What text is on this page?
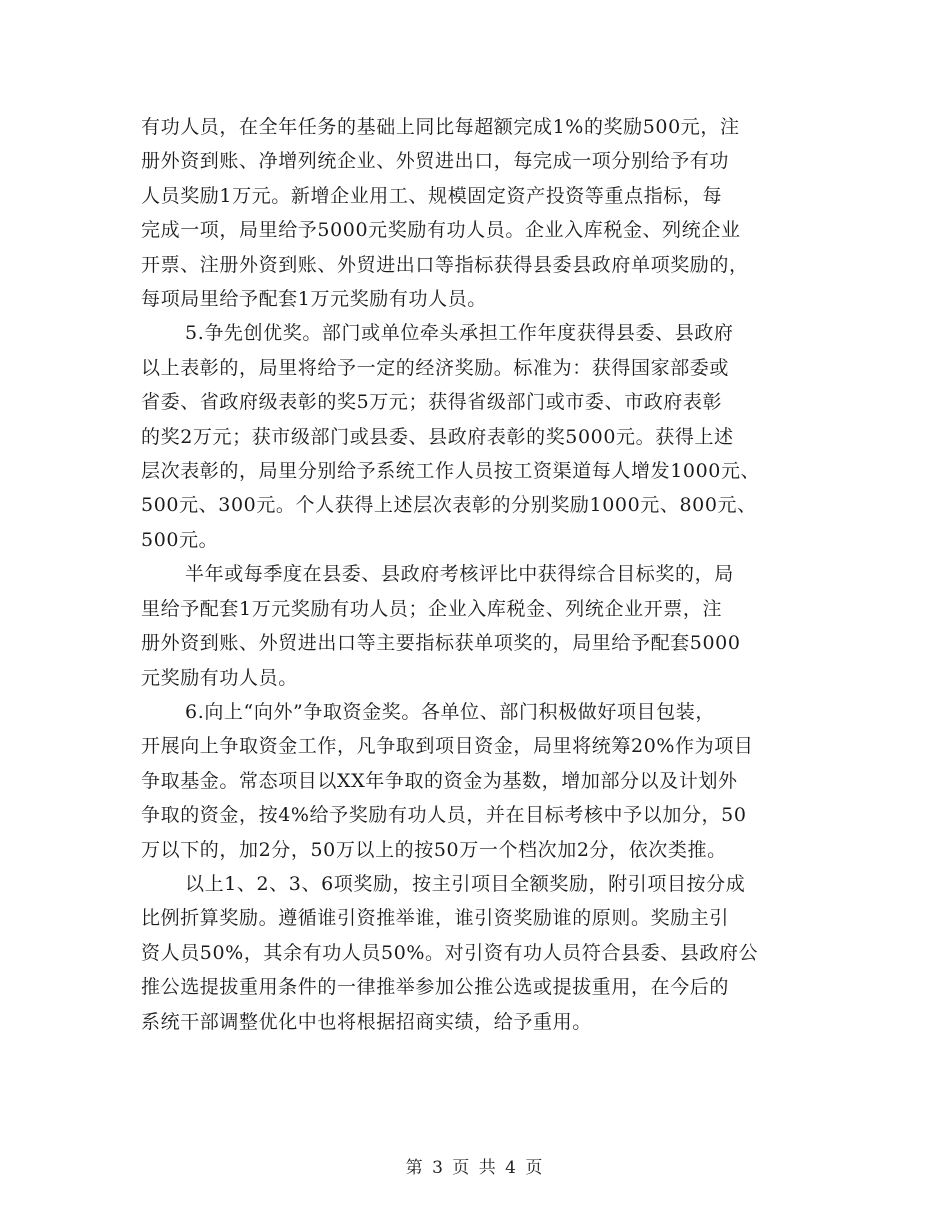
有功人员，在全年任务的基础上同比每超额完成1%的奖励500元，注
册外资到账、净增列统企业、外贸进出口，每完成一项分别给予有功
人员奖励1万元。新增企业用工、规模固定资产投资等重点指标，每
完成一项，局里给予5000元奖励有功人员。企业入库税金、列统企业
开票、注册外资到账、外贸进出口等指标获得县委县政府单项奖励的，
每项局里给予配套1万元奖励有功人员。

5.争先创优奖。部门或单位牵头承担工作年度获得县委、县政府
以上表彰的，局里将给予一定的经济奖励。标准为：获得国家部委或
省委、省政府级表彰的奖5万元；获得省级部门或市委、市政府表彰
的奖2万元；获市级部门或县委、县政府表彰的奖5000元。获得上述
层次表彰的，局里分别给予系统工作人员按工资渠道每人增发1000元、
500元、300元。个人获得上述层次表彰的分别奖励1000元、800元、
500元。

半年或每季度在县委、县政府考核评比中获得综合目标奖的，局
里给予配套1万元奖励有功人员；企业入库税金、列统企业开票，注
册外资到账、外贸进出口等主要指标获单项奖的，局里给予配套5000
元奖励有功人员。

6.向上“向外”争取资金奖。各单位、部门积极做好项目包装，
开展向上争取资金工作，凡争取到项目资金，局里将统筹20%作为项目
争取基金。常态项目以XX年争取的资金为基数，增加部分以及计划外
争取的资金，按4%给予奖励有功人员，并在目标考核中予以加分，50
万以下的，加2分，50万以上的按50万一个档次加2分，依次类推。

以上1、2、3、6项奖励，按主引项目全额奖励，附引项目按分成
比例折算奖励。遵循谁引资推举谁，谁引资奖励谁的原则。奖励主引
资人员50%，其余有功人员50%。对引资有功人员符合县委、县政府公
推公选提拔重用条件的一律推举参加公推公选或提拔重用，在今后的
系统干部调整优化中也将根据招商实绩，给予重用。

第 3 页 共 4 页
